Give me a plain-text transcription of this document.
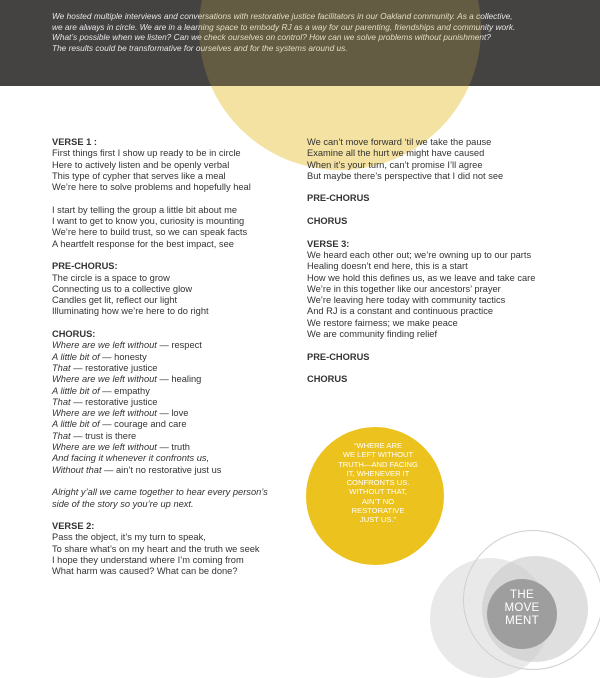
We hosted multiple interviews and conversations with restorative justice facilitators in our Oakland community. As a collective,
we are always in circle. We are in a learning space to embody RJ as a way for our parenting, friendships and community work.
What’s possible when we listen? Can we check ourselves on control? How can we solve problems without punishment?
The results could be transformative for ourselves and for the systems around us.
VERSE 1 :
First things first I show up ready to be in circle
Here to actively listen and be openly verbal
This type of cypher that serves like a meal
We’re here to solve problems and hopefully heal
I start by telling the group a little bit about me
I want to get to know you, curiosity is mounting
We’re here to build trust, so we can speak facts
A heartfelt response for the best impact, see
PRE-CHORUS:
The circle is a space to grow
Connecting us to a collective glow
Candles get lit, reflect our light
Illuminating how we’re here to do right
CHORUS:
Where are we left without — respect
A little bit of — honesty
That — restorative justice
Where are we left without — healing
A little bit of — empathy
That — restorative justice
Where are we left without — love
A little bit of — courage and care
That — trust is there
Where are we left without — truth
And facing it whenever it confronts us,
Without that — ain’t no restorative just us
Alright y’all we came together to hear every person’s
side of the story so you’re up next.
VERSE 2:
Pass the object, it’s my turn to speak,
To share what’s on my heart and the truth we seek
I hope they understand where I’m coming from
What harm was caused? What can be done?
We can’t move forward ‘til we take the pause
Examine all the hurt we might have caused
When it’s your turn, can’t promise I’ll agree
But maybe there’s perspective that I did not see
PRE-CHORUS
CHORUS
VERSE 3:
We heard each other out; we’re owning up to our parts
Healing doesn’t end here, this is a start
How we hold this defines us, as we leave and take care
We’re in this together like our ancestors’ prayer
We’re leaving here today with community tactics
And RJ is a constant and continuous practice
We restore fairness; we make peace
We are community finding relief
PRE-CHORUS
CHORUS
“WHERE ARE
WE LEFT WITHOUT
TRUTH—AND FACING
IT, WHENEVER IT
CONFRONTS US.
WITHOUT THAT,
AIN’T NO
RESTORATIVE
JUST US.”
THE
MOVE
MENT
